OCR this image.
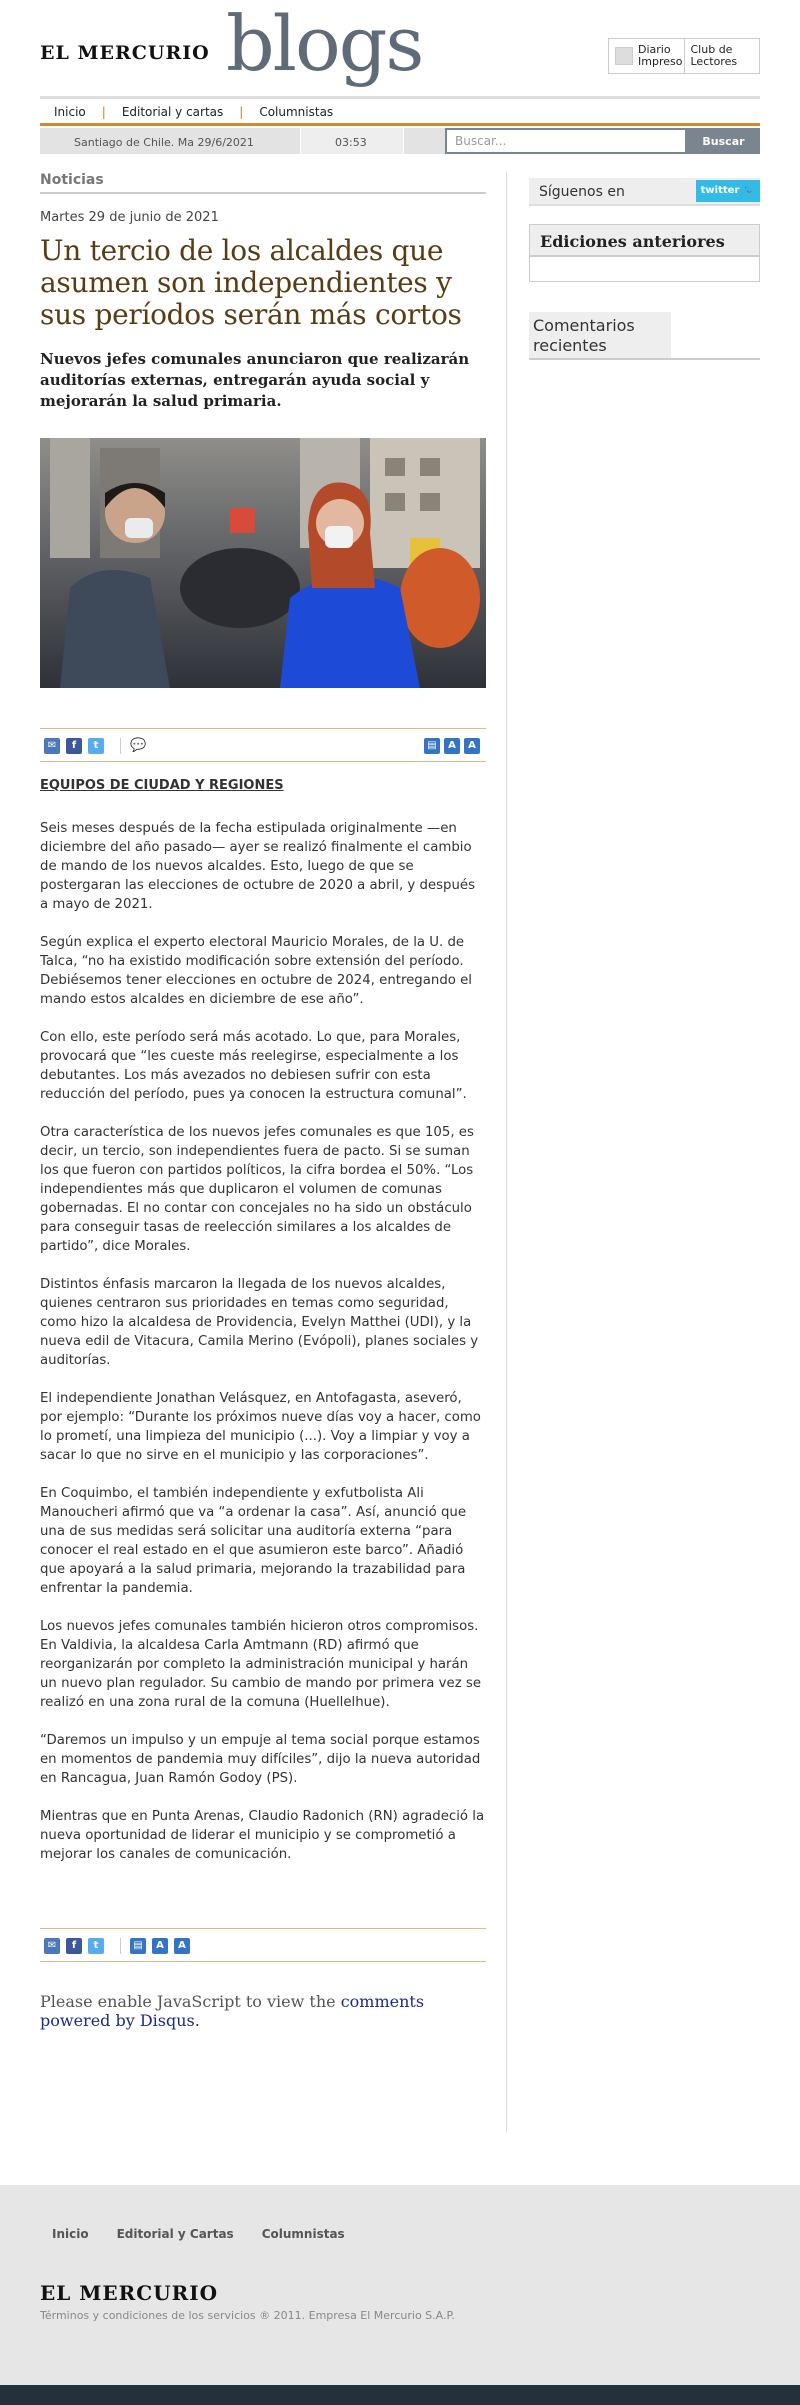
EL MERCURIO blogs	Diario Impreso
Club de Lectores
Inicio | Editorial y cartas | Columnistas
Santiago de Chile. Ma 29/6/2021	03:53
Buscar...	Buscar
Noticias
Martes 29 de junio de 2021
Un tercio de los alcaldes que asumen son independientes y sus períodos serán más cortos
Nuevos jefes comunales anunciaron que realizarán auditorías externas, entregarán ayuda social y mejorarán la salud primaria.
✉	f	t	💬	▤	A	A
EQUIPOS DE CIUDAD Y REGIONES

Seis meses después de la fecha estipulada originalmente —en diciembre del año pasado— ayer se realizó finalmente el cambio de mando de los nuevos alcaldes. Esto, luego de que se postergaran las elecciones de octubre de 2020 a abril, y después a mayo de 2021.

Según explica el experto electoral Mauricio Morales, de la U. de Talca, “no ha existido modificación sobre extensión del período. Debiésemos tener elecciones en octubre de 2024, entregando el mando estos alcaldes en diciembre de ese año”.

Con ello, este período será más acotado. Lo que, para Morales, provocará que “les cueste más reelegirse, especialmente a los debutantes. Los más avezados no debiesen sufrir con esta reducción del período, pues ya conocen la estructura comunal”.

Otra característica de los nuevos jefes comunales es que 105, es decir, un tercio, son independientes fuera de pacto. Si se suman los que fueron con partidos políticos, la cifra bordea el 50%. “Los independientes más que duplicaron el volumen de comunas gobernadas. El no contar con concejales no ha sido un obstáculo para conseguir tasas de reelección similares a los alcaldes de partido”, dice Morales.

Distintos énfasis marcaron la llegada de los nuevos alcaldes, quienes centraron sus prioridades en temas como seguridad, como hizo la alcaldesa de Providencia, Evelyn Matthei (UDI), y la nueva edil de Vitacura, Camila Merino (Evópoli), planes sociales y auditorías.

El independiente Jonathan Velásquez, en Antofagasta, aseveró, por ejemplo: “Durante los próximos nueve días voy a hacer, como lo prometí, una limpieza del municipio (...). Voy a limpiar y voy a sacar lo que no sirve en el municipio y las corporaciones”.

En Coquimbo, el también independiente y exfutbolista Ali Manoucheri afirmó que va “a ordenar la casa”. Así, anunció que una de sus medidas será solicitar una auditoría externa “para conocer el real estado en el que asumieron este barco”. Añadió que apoyará a la salud primaria, mejorando la trazabilidad para enfrentar la pandemia.

Los nuevos jefes comunales también hicieron otros compromisos. En Valdivia, la alcaldesa Carla Amtmann (RD) afirmó que reorganizarán por completo la administración municipal y harán un nuevo plan regulador. Su cambio de mando por primera vez se realizó en una zona rural de la comuna (Huellelhue).

“Daremos un impulso y un empuje al tema social porque estamos en momentos de pandemia muy difíciles”, dijo la nueva autoridad en Rancagua, Juan Ramón Godoy (PS).

Mientras que en Punta Arenas, Claudio Radonich (RN) agradeció la nueva oportunidad de liderar el municipio y se comprometió a mejorar los canales de comunicación.

✉	f	t	▤	A	A
Please enable JavaScript to view the comments powered by Disqus.
Síguenos en	twitter 🐦
Ediciones anteriores
Comentarios recientes
Inicio Editorial y Cartas Columnistas
EL MERCURIO
Términos y condiciones de los servicios ® 2011. Empresa El Mercurio S.A.P.
